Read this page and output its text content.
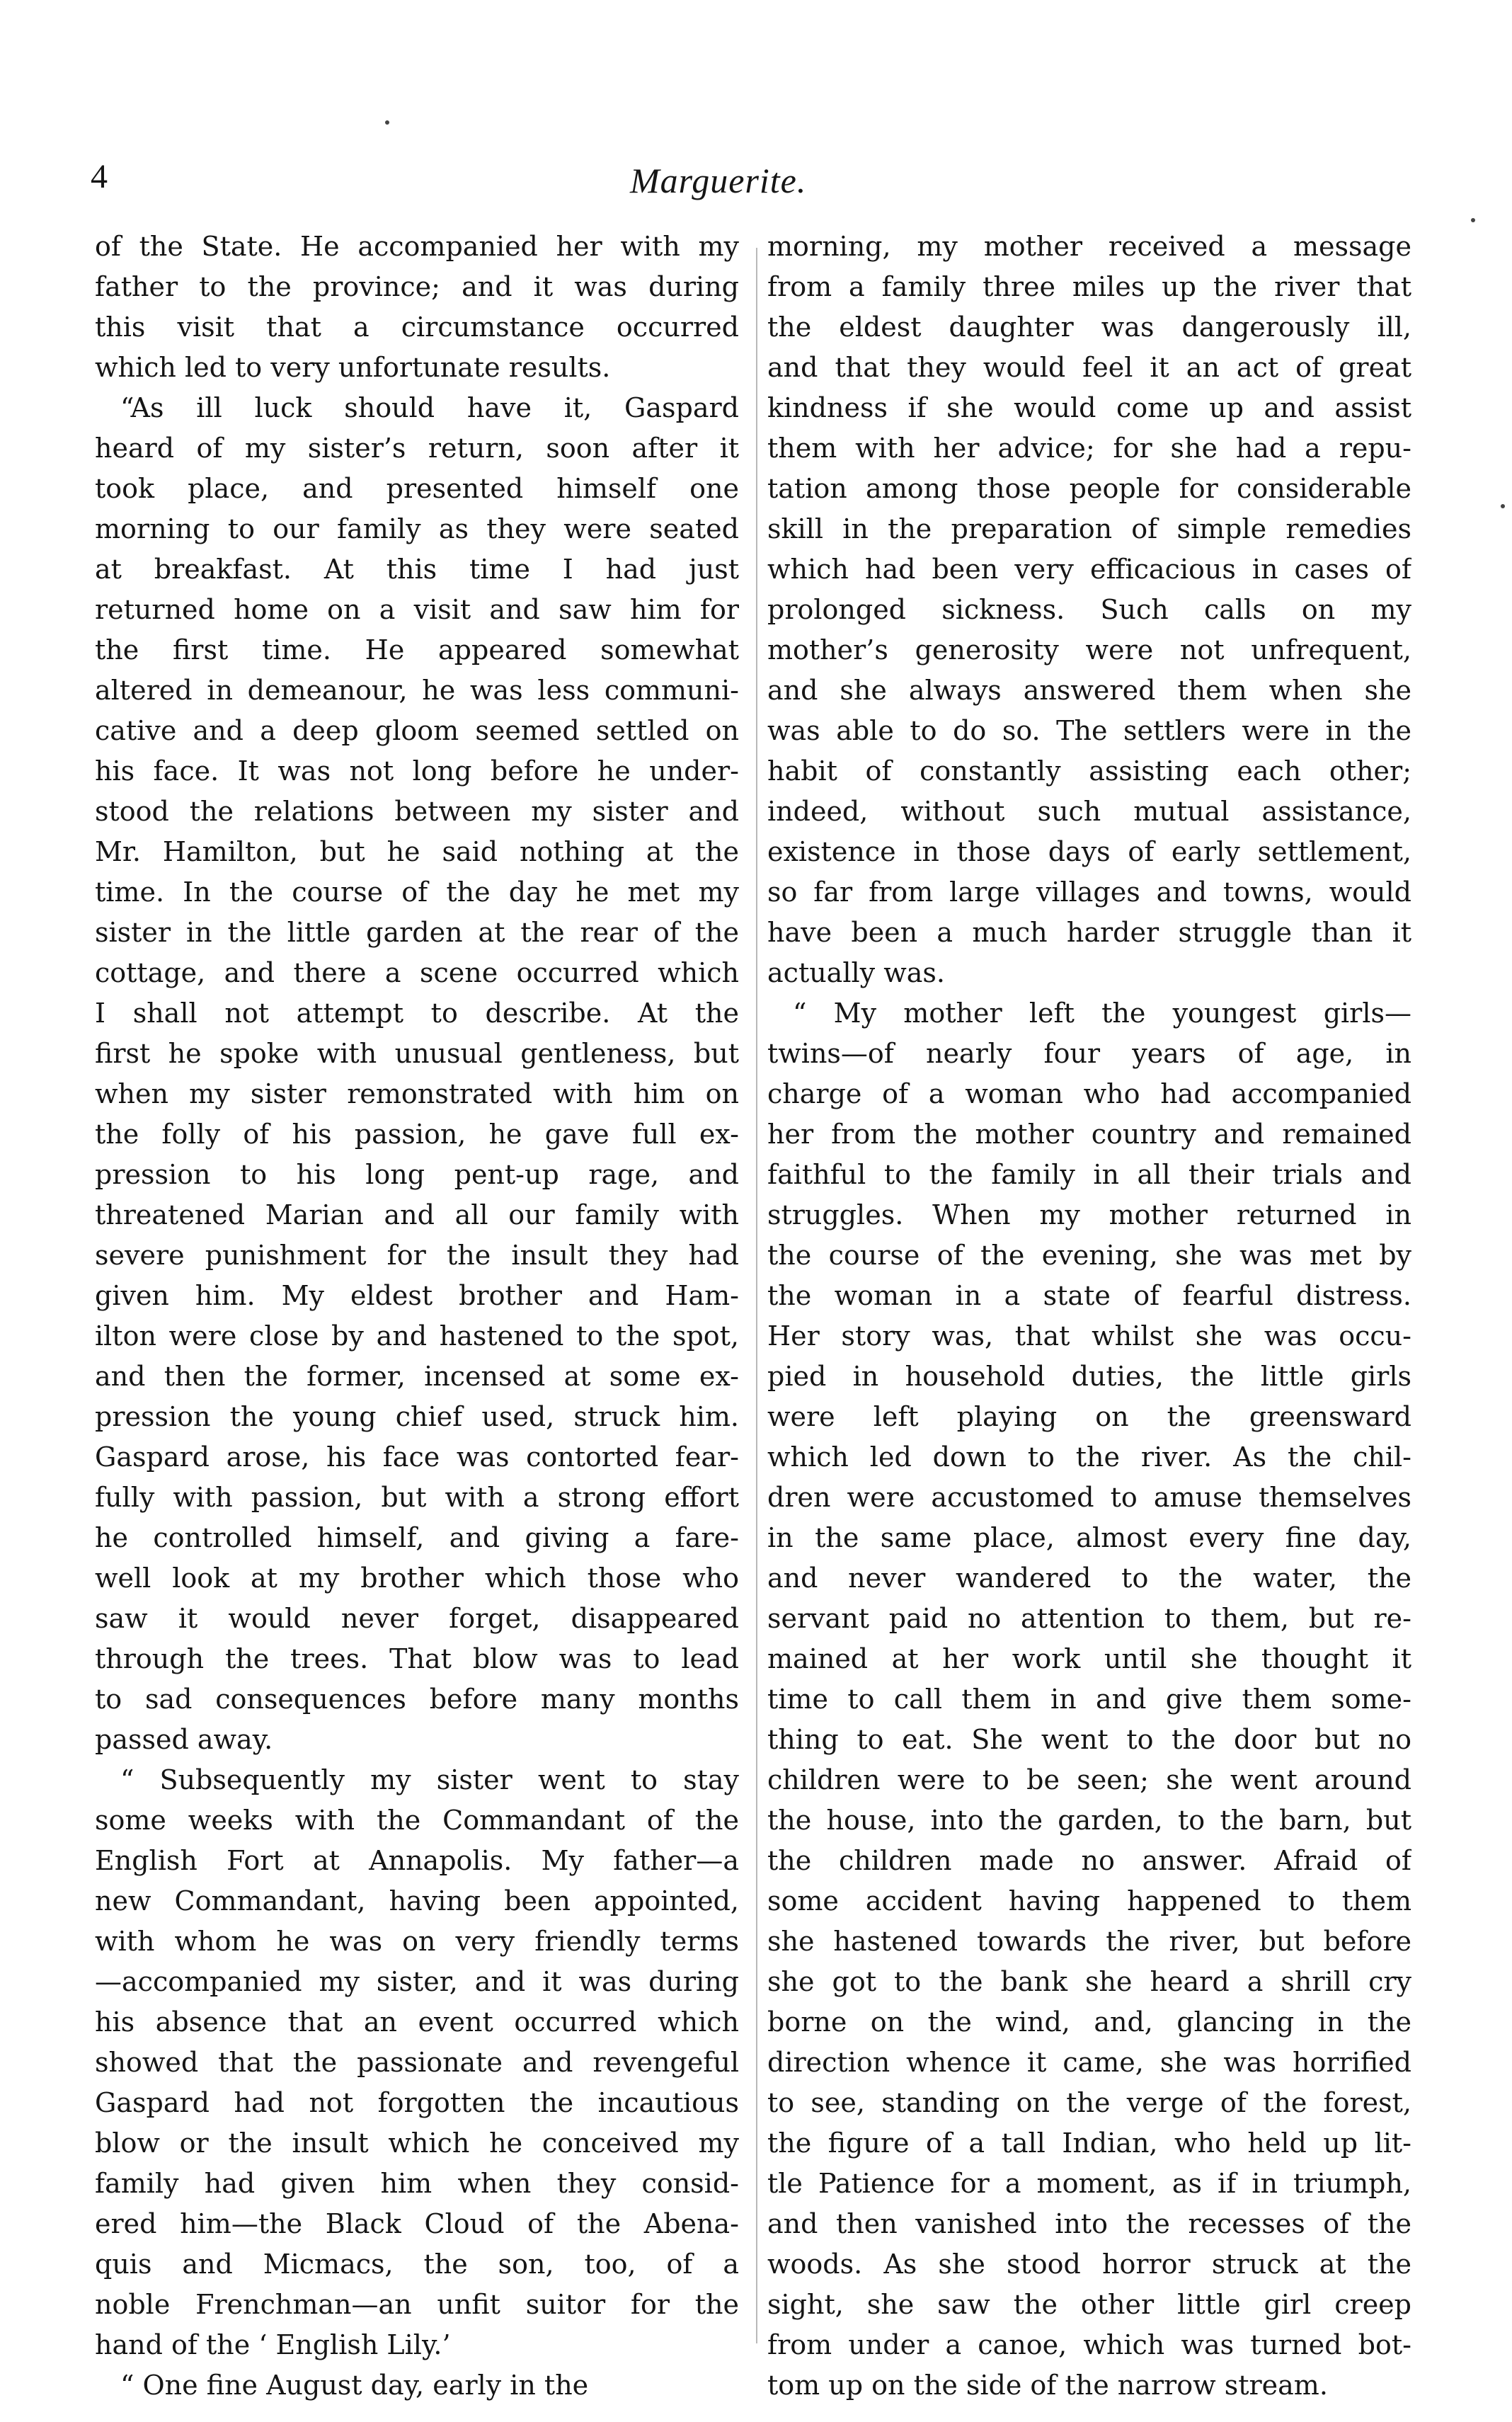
4	Marguerite.
of the State. He accompanied her with my
father to the province; and it was during
this visit that a circumstance occurred
which led to very unfortunate results.
“As ill luck should have it, Gaspard
heard of my sister’s return, soon after it
took place, and presented himself one
morning to our family as they were seated
at breakfast. At this time I had just
returned home on a visit and saw him for
the first time. He appeared somewhat
altered in demeanour, he was less communi-
cative and a deep gloom seemed settled on
his face. It was not long before he under-
stood the relations between my sister and
Mr. Hamilton, but he said nothing at the
time. In the course of the day he met my
sister in the little garden at the rear of the
cottage, and there a scene occurred which
I shall not attempt to describe. At the
first he spoke with unusual gentleness, but
when my sister remonstrated with him on
the folly of his passion, he gave full ex-
pression to his long pent-up rage, and
threatened Marian and all our family with
severe punishment for the insult they had
given him. My eldest brother and Ham-
ilton were close by and hastened to the spot,
and then the former, incensed at some ex-
pression the young chief used, struck him.
Gaspard arose, his face was contorted fear-
fully with passion, but with a strong effort
he controlled himself, and giving a fare-
well look at my brother which those who
saw it would never forget, disappeared
through the trees. That blow was to lead
to sad consequences before many months
passed away.
“ Subsequently my sister went to stay
some weeks with the Commandant of the
English Fort at Annapolis. My father—a
new Commandant, having been appointed,
with whom he was on very friendly terms
—accompanied my sister, and it was during
his absence that an event occurred which
showed that the passionate and revengeful
Gaspard had not forgotten the incautious
blow or the insult which he conceived my
family had given him when they consid-
ered him—the Black Cloud of the Abena-
quis and Micmacs, the son, too, of a
noble Frenchman—an unfit suitor for the
hand of the ‘ English Lily.’
“ One fine August day, early in the
morning, my mother received a message
from a family three miles up the river that
the eldest daughter was dangerously ill,
and that they would feel it an act of great
kindness if she would come up and assist
them with her advice; for she had a repu-
tation among those people for considerable
skill in the preparation of simple remedies
which had been very efficacious in cases of
prolonged sickness. Such calls on my
mother’s generosity were not unfrequent,
and she always answered them when she
was able to do so. The settlers were in the
habit of constantly assisting each other;
indeed, without such mutual assistance,
existence in those days of early settlement,
so far from large villages and towns, would
have been a much harder struggle than it
actually was.
“ My mother left the youngest girls—
twins—of nearly four years of age, in
charge of a woman who had accompanied
her from the mother country and remained
faithful to the family in all their trials and
struggles. When my mother returned in
the course of the evening, she was met by
the woman in a state of fearful distress.
Her story was, that whilst she was occu-
pied in household duties, the little girls
were left playing on the greensward
which led down to the river. As the chil-
dren were accustomed to amuse themselves
in the same place, almost every fine day,
and never wandered to the water, the
servant paid no attention to them, but re-
mained at her work until she thought it
time to call them in and give them some-
thing to eat. She went to the door but no
children were to be seen; she went around
the house, into the garden, to the barn, but
the children made no answer. Afraid of
some accident having happened to them
she hastened towards the river, but before
she got to the bank she heard a shrill cry
borne on the wind, and, glancing in the
direction whence it came, she was horrified
to see, standing on the verge of the forest,
the figure of a tall Indian, who held up lit-
tle Patience for a moment, as if in triumph,
and then vanished into the recesses of the
woods. As she stood horror struck at the
sight, she saw the other little girl creep
from under a canoe, which was turned bot-
tom up on the side of the narrow stream.
